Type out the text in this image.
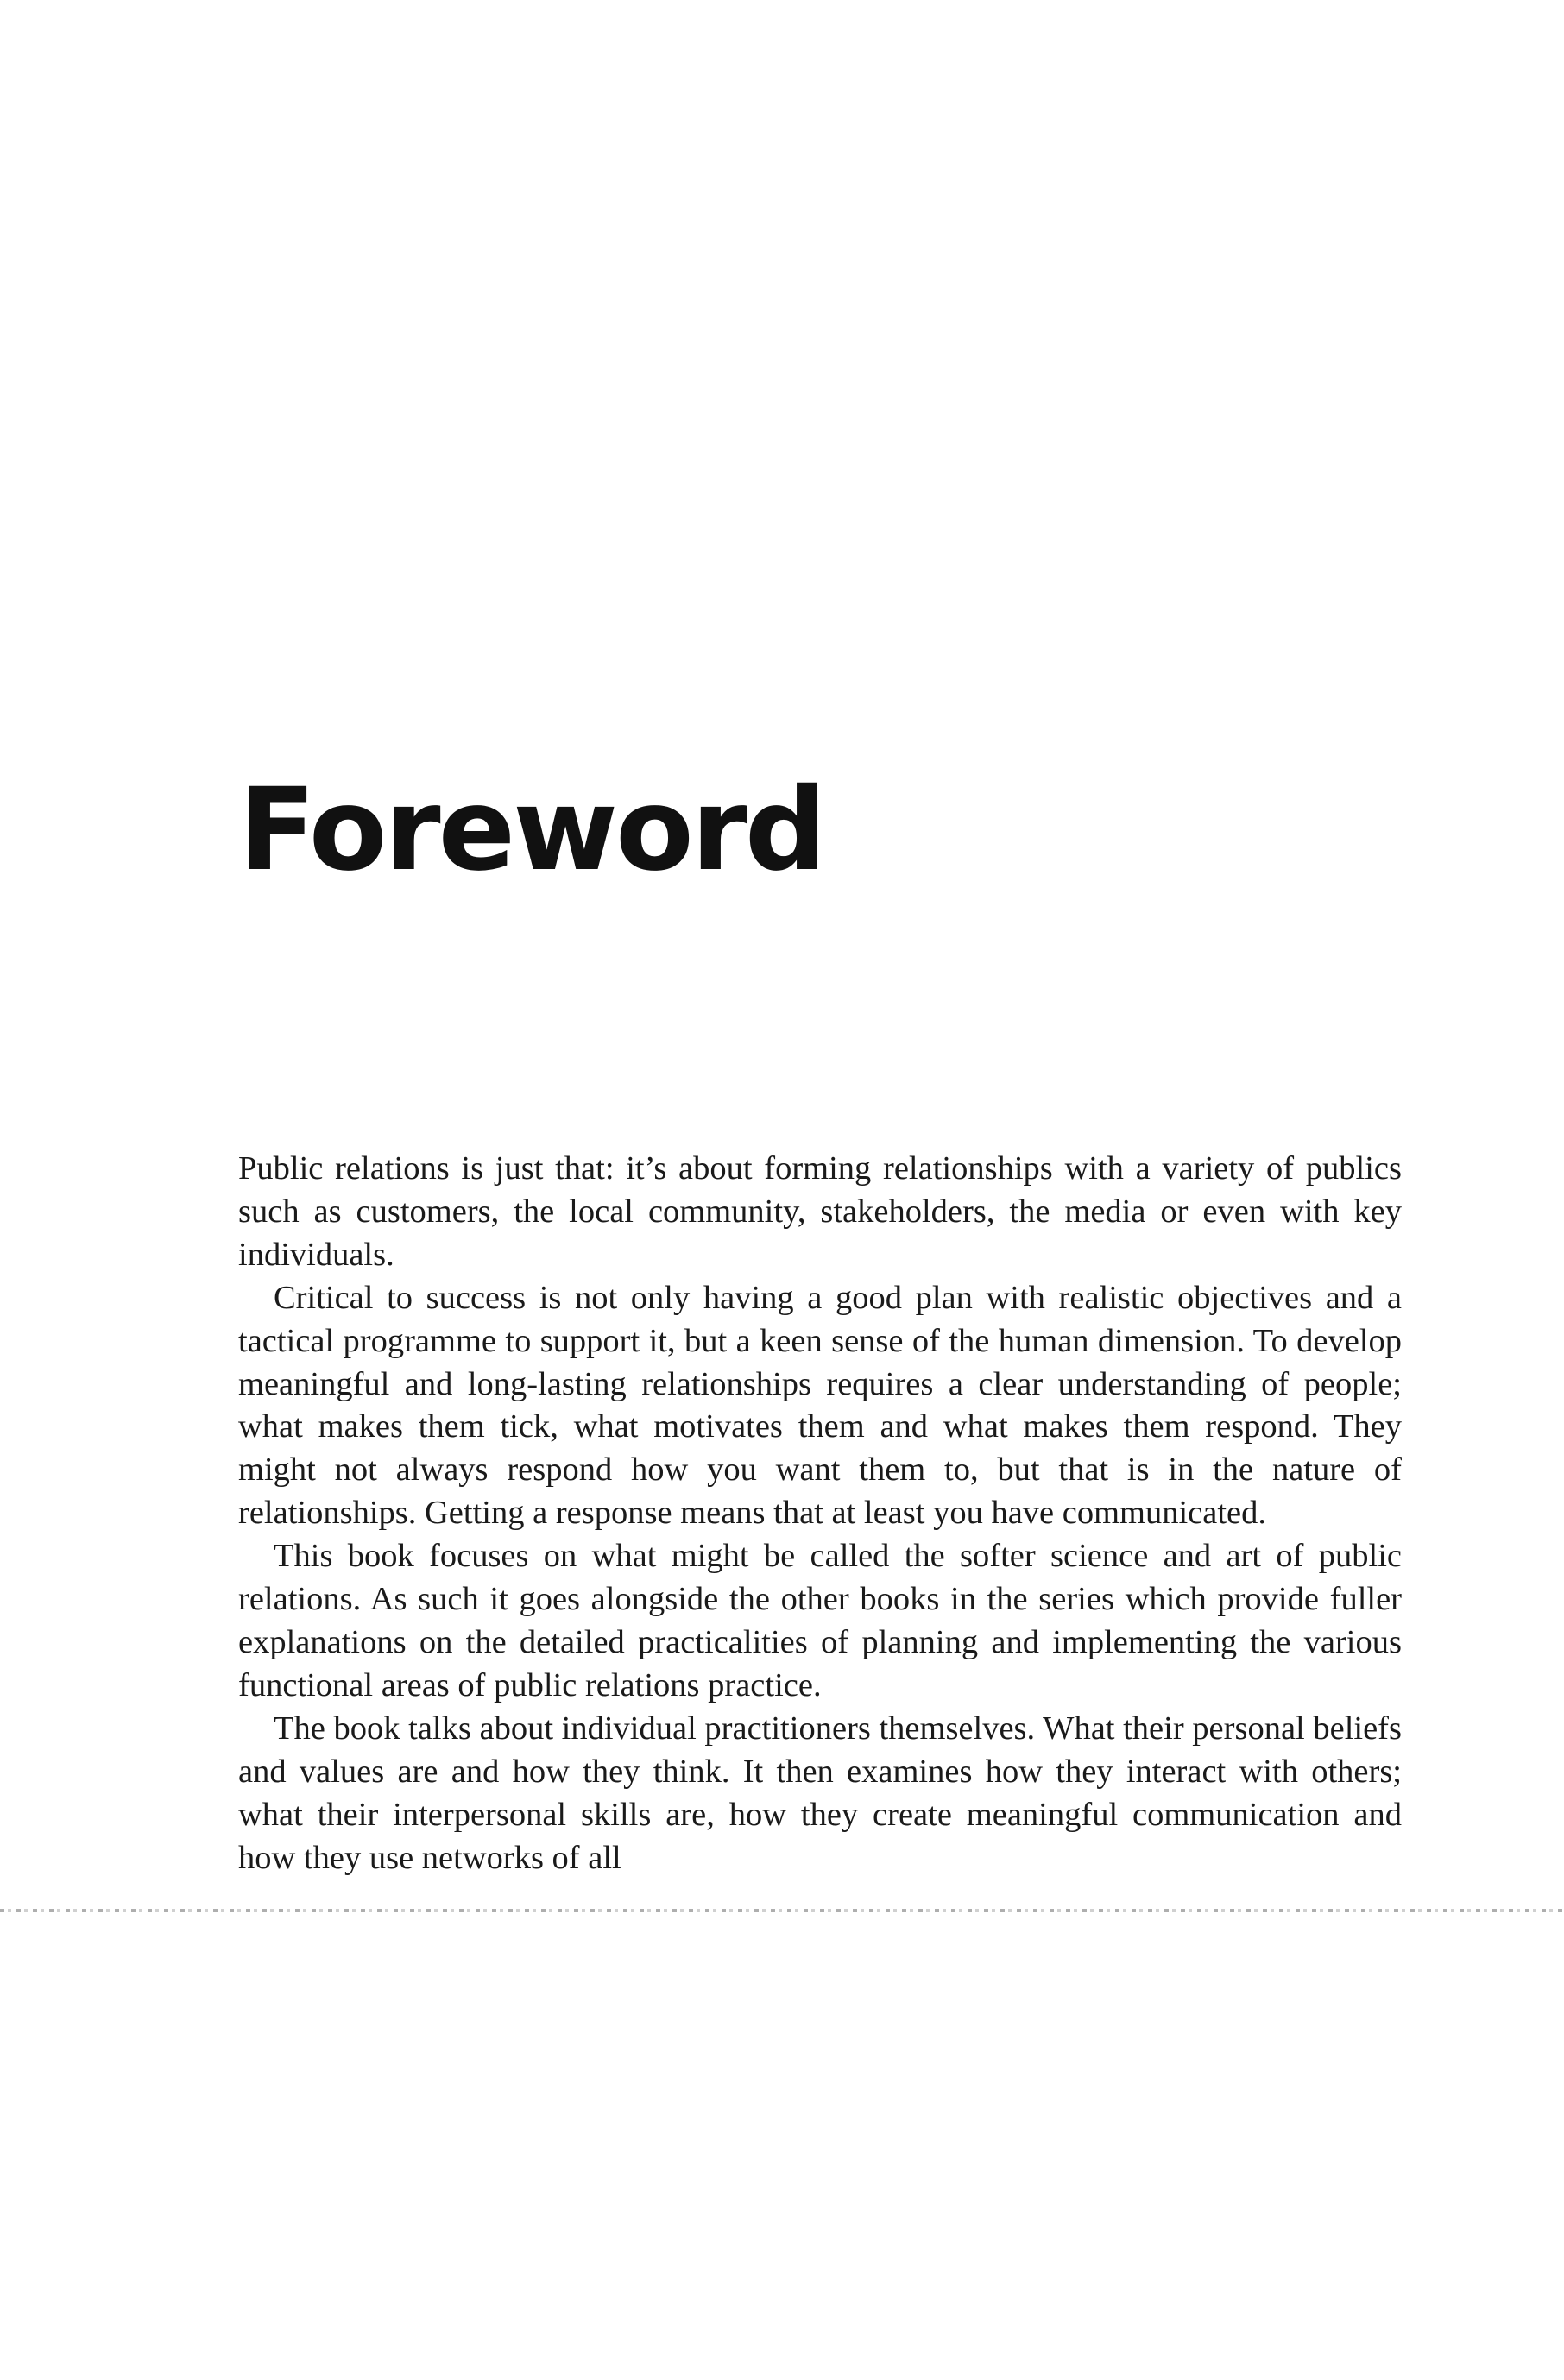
Foreword

Public relations is just that: it’s about forming relationships with a variety of publics such as customers, the local community, stakeholders, the media or even with key individuals.

Critical to success is not only having a good plan with realistic objectives and a tactical programme to support it, but a keen sense of the human dimension. To develop meaningful and long-lasting relationships requires a clear understanding of people; what makes them tick, what motivates them and what makes them respond. They might not always respond how you want them to, but that is in the nature of relationships. Getting a response means that at least you have communicated.

This book focuses on what might be called the softer science and art of public relations. As such it goes alongside the other books in the series which provide fuller explanations on the detailed practicalities of planning and implementing the various functional areas of public relations practice.

The book talks about individual practitioners themselves. What their personal beliefs and values are and how they think. It then examines how they interact with others; what their interpersonal skills are, how they create meaningful communication and how they use networks of all
